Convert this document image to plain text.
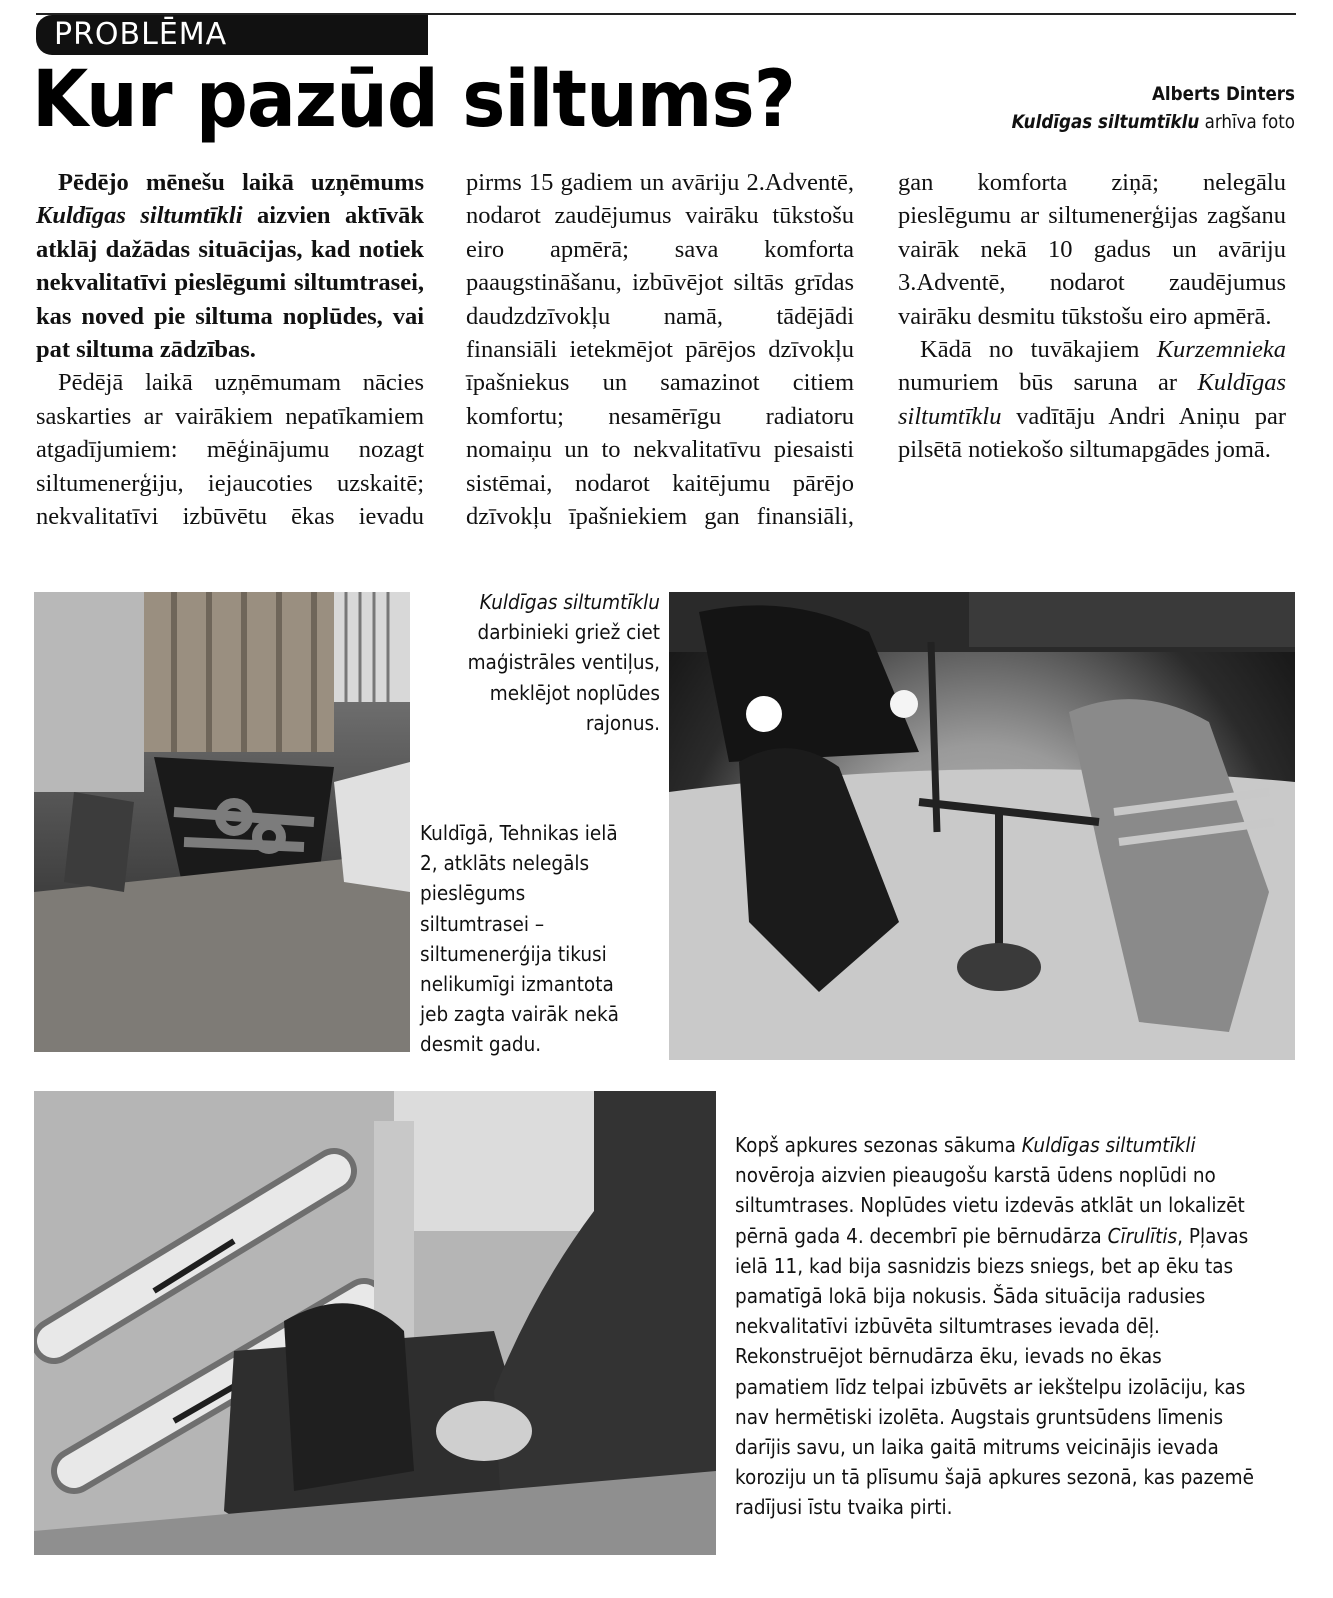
PROBLĒMA
Kur pazūd siltums?	Alberts Dinters
Kuldīgas siltumtīklu arhīva foto

Pēdējo mēnešu laikā uzņēmums Kuldīgas siltumtīkli aizvien aktīvāk atklāj dažādas situācijas, kad notiek nekvalitatīvi pieslēgumi siltumtrasei, kas noved pie siltuma noplūdes, vai pat siltuma zādzības.

Pēdējā laikā uzņēmumam nācies saskarties ar vairākiem nepatīkamiem atgadījumiem: mēģinājumu nozagt siltumenerģiju, iejaucoties uzskaitē; nekvalitatīvi izbūvētu ēkas ievadu

pirms 15 gadiem un avāriju 2.Adventē, nodarot zaudējumus vairāku tūkstošu eiro apmērā; sava komforta paaugstināšanu, izbūvējot siltās grīdas daudzdzīvokļu namā, tādējādi finansiāli ietekmējot pārējos dzīvokļu īpašniekus un samazinot citiem komfortu; nesamērīgu radiatoru nomaiņu un to nekvalitatīvu piesaisti sistēmai, nodarot kaitējumu pārējo dzīvokļu īpašniekiem gan finansiāli,

gan komforta ziņā; nelegālu pieslēgumu ar siltumenerģijas zagšanu vairāk nekā 10 gadus un avāriju 3.Adventē, nodarot zaudējumus vairāku desmitu tūkstošu eiro apmērā.

Kādā no tuvākajiem Kurzemnieka numuriem būs saruna ar Kuldīgas siltumtīklu vadītāju Andri Aniņu par pilsētā notiekošo siltumapgādes jomā.

Kuldīgas siltumtīklu darbinieki griež ciet maģistrāles ventiļus, meklējot noplūdes rajonus.
Kuldīgā, Tehnikas ielā 2, atklāts nelegāls pieslēgums siltumtrasei – siltumenerģija tikusi nelikumīgi izmantota jeb zagta vairāk nekā desmit gadu.
Kopš apkures sezonas sākuma Kuldīgas siltumtīkli novēroja aizvien pieaugošu karstā ūdens noplūdi no siltumtrases. Noplūdes vietu izdevās atklāt un lokalizēt pērnā gada 4. decembrī pie bērnudārza Cīrulītis, Pļavas ielā 11, kad bija sasnidzis biezs sniegs, bet ap ēku tas pamatīgā lokā bija nokusis. Šāda situācija radusies nekvalitatīvi izbūvēta siltumtrases ievada dēļ. Rekonstruējot bērnudārza ēku, ievads no ēkas pamatiem līdz telpai izbūvēts ar iekštelpu izolāciju, kas nav hermētiski izolēta. Augstais gruntsūdens līmenis darījis savu, un laika gaitā mitrums veicinājis ievada koroziju un tā plīsumu šajā apkures sezonā, kas pazemē radījusi īstu tvaika pirti.
